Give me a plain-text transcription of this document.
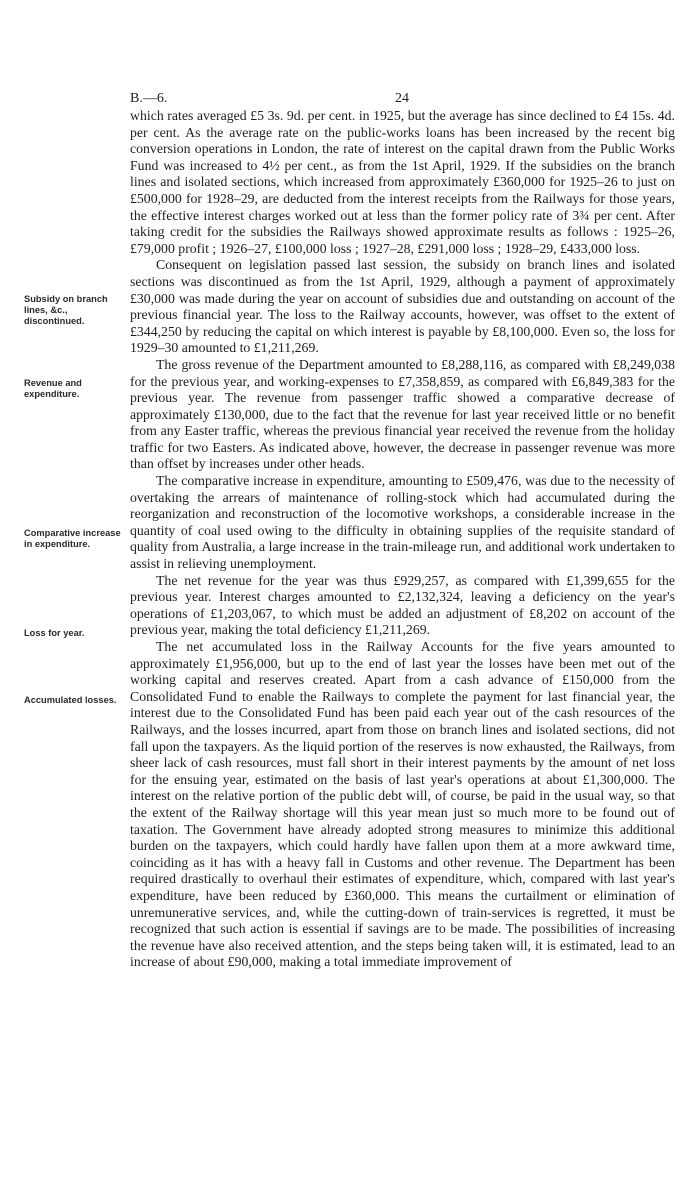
B.—6.	24
Subsidy on branch lines, &c., discontinued.
Revenue and expenditure.
Comparative increase in expenditure.
Loss for year.
Accumulated losses.

which rates averaged £5 3s. 9d. per cent. in 1925, but the average has since declined to £4 15s. 4d. per cent. As the average rate on the public-works loans has been increased by the recent big conversion operations in London, the rate of interest on the capital drawn from the Public Works Fund was increased to 4½ per cent., as from the 1st April, 1929. If the subsidies on the branch lines and isolated sections, which increased from approximately £360,000 for 1925–26 to just on £500,000 for 1928–29, are deducted from the interest receipts from the Railways for those years, the effective interest charges worked out at less than the former policy rate of 3¾ per cent. After taking credit for the subsidies the Railways showed approximate results as follows : 1925–26, £79,000 profit ; 1926–27, £100,000 loss ; 1927–28, £291,000 loss ; 1928–29, £433,000 loss.

Consequent on legislation passed last session, the subsidy on branch lines and isolated sections was discontinued as from the 1st April, 1929, although a payment of approximately £30,000 was made during the year on account of subsidies due and outstanding on account of the previous financial year. The loss to the Railway accounts, however, was offset to the extent of £344,250 by reducing the capital on which interest is payable by £8,100,000. Even so, the loss for 1929–30 amounted to £1,211,269.

The gross revenue of the Department amounted to £8,288,116, as compared with £8,249,038 for the previous year, and working-expenses to £7,358,859, as compared with £6,849,383 for the previous year. The revenue from passenger traffic showed a comparative decrease of approximately £130,000, due to the fact that the revenue for last year received little or no benefit from any Easter traffic, whereas the previous financial year received the revenue from the holiday traffic for two Easters. As indicated above, however, the decrease in passenger revenue was more than offset by increases under other heads.

The comparative increase in expenditure, amounting to £509,476, was due to the necessity of overtaking the arrears of maintenance of rolling-stock which had accumulated during the reorganization and reconstruction of the locomotive workshops, a considerable increase in the quantity of coal used owing to the difficulty in obtaining supplies of the requisite standard of quality from Australia, a large increase in the train-mileage run, and additional work undertaken to assist in relieving unemployment.

The net revenue for the year was thus £929,257, as compared with £1,399,655 for the previous year. Interest charges amounted to £2,132,324, leaving a deficiency on the year's operations of £1,203,067, to which must be added an adjustment of £8,202 on account of the previous year, making the total deficiency £1,211,269.

The net accumulated loss in the Railway Accounts for the five years amounted to approximately £1,956,000, but up to the end of last year the losses have been met out of the working capital and reserves created. Apart from a cash advance of £150,000 from the Consolidated Fund to enable the Railways to complete the payment for last financial year, the interest due to the Consolidated Fund has been paid each year out of the cash resources of the Railways, and the losses incurred, apart from those on branch lines and isolated sections, did not fall upon the taxpayers. As the liquid portion of the reserves is now exhausted, the Railways, from sheer lack of cash resources, must fall short in their interest payments by the amount of net loss for the ensuing year, estimated on the basis of last year's operations at about £1,300,000. The interest on the relative portion of the public debt will, of course, be paid in the usual way, so that the extent of the Railway shortage will this year mean just so much more to be found out of taxation. The Government have already adopted strong measures to minimize this additional burden on the taxpayers, which could hardly have fallen upon them at a more awkward time, coinciding as it has with a heavy fall in Customs and other revenue. The Department has been required drastically to overhaul their estimates of expenditure, which, compared with last year's expenditure, have been reduced by £360,000. This means the curtailment or elimination of unremunerative services, and, while the cutting-down of train-services is regretted, it must be recognized that such action is essential if savings are to be made. The possibilities of increasing the revenue have also received attention, and the steps being taken will, it is estimated, lead to an increase of about £90,000, making a total immediate improvement of
